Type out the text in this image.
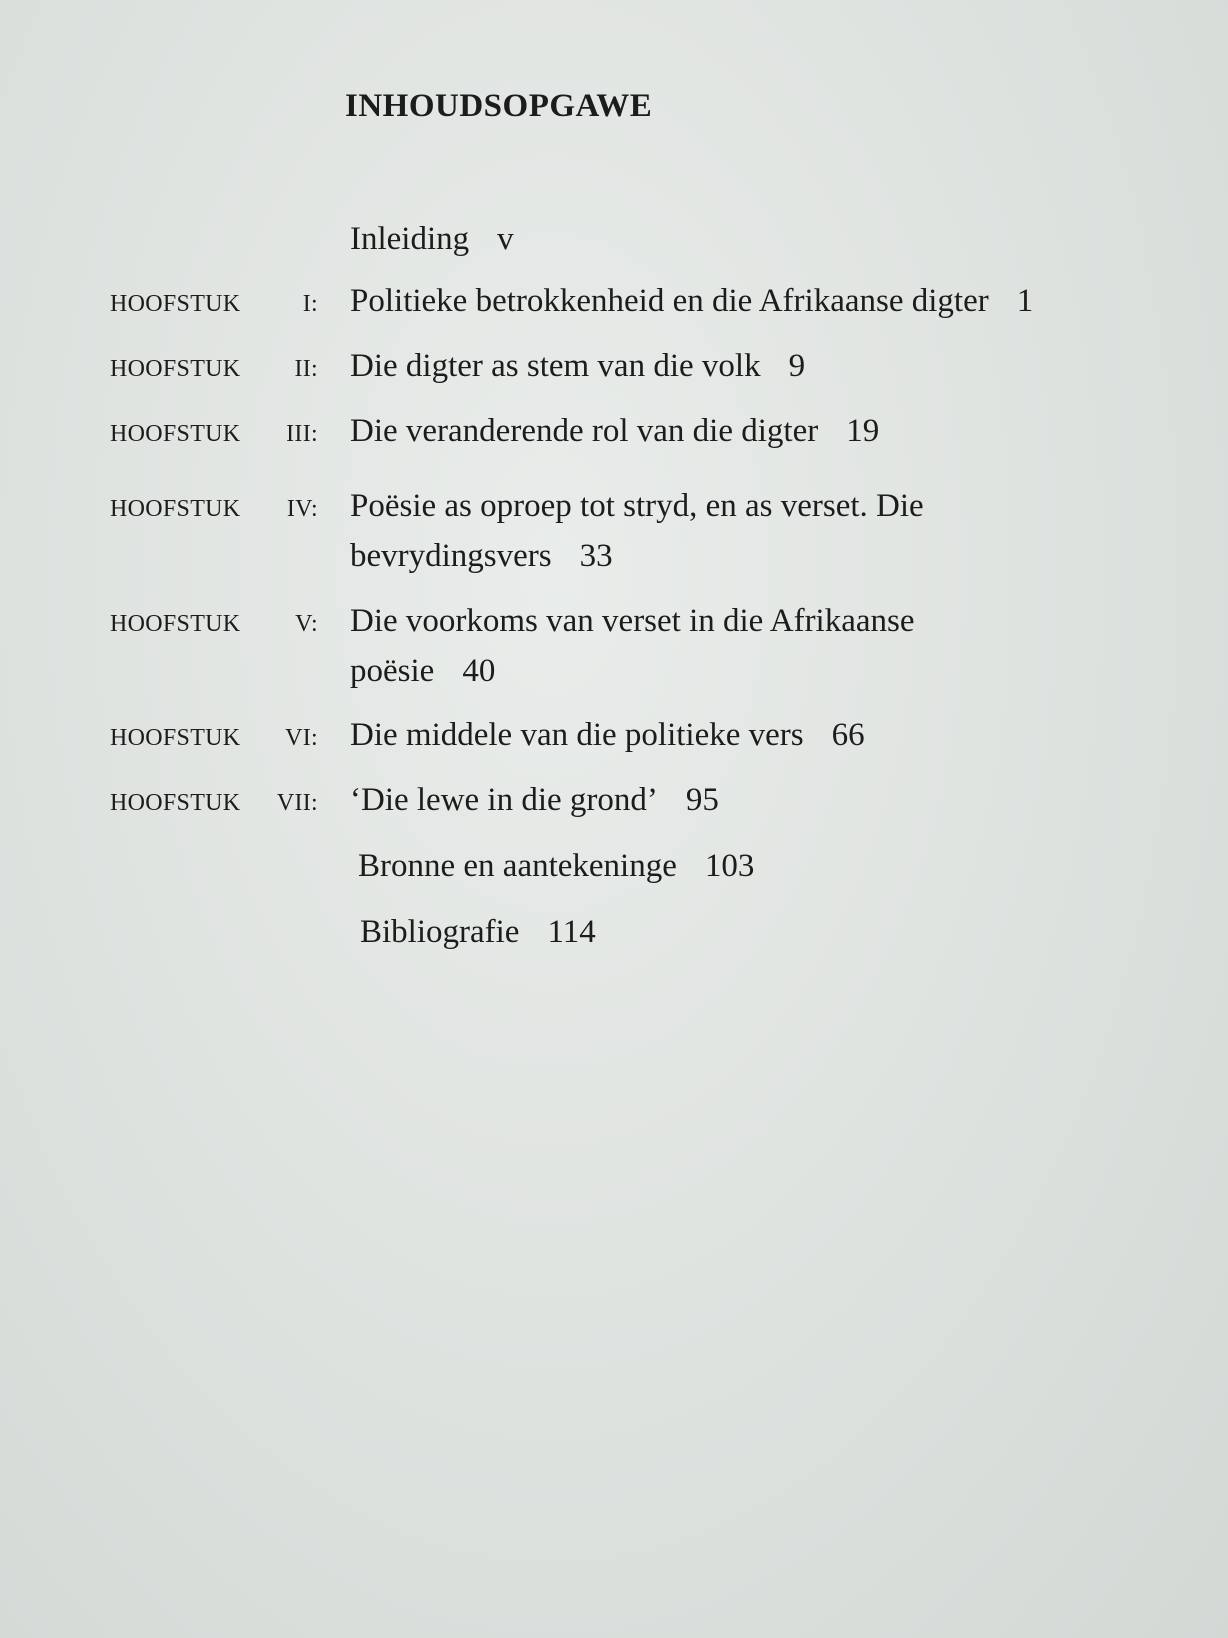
INHOUDSOPGAWE
Inleiding v
HOOFSTUK	I: Politieke betrokkenheid en die Afrikaanse digter 1
HOOFSTUK II: Die digter as stem van die volk 9
HOOFSTUK III: Die veranderende rol van die digter 19
HOOFSTUK IV: Poësie as oproep tot stryd, en as verset. Die bevrydingsvers 33
HOOFSTUK V: Die voorkoms van verset in die Afrikaanse poësie 40
HOOFSTUK VI: Die middele van die politieke vers 66
HOOFSTUK VII: ‘Die lewe in die grond’ 95
Bronne en aantekeninge 103
Bibliografie 114
